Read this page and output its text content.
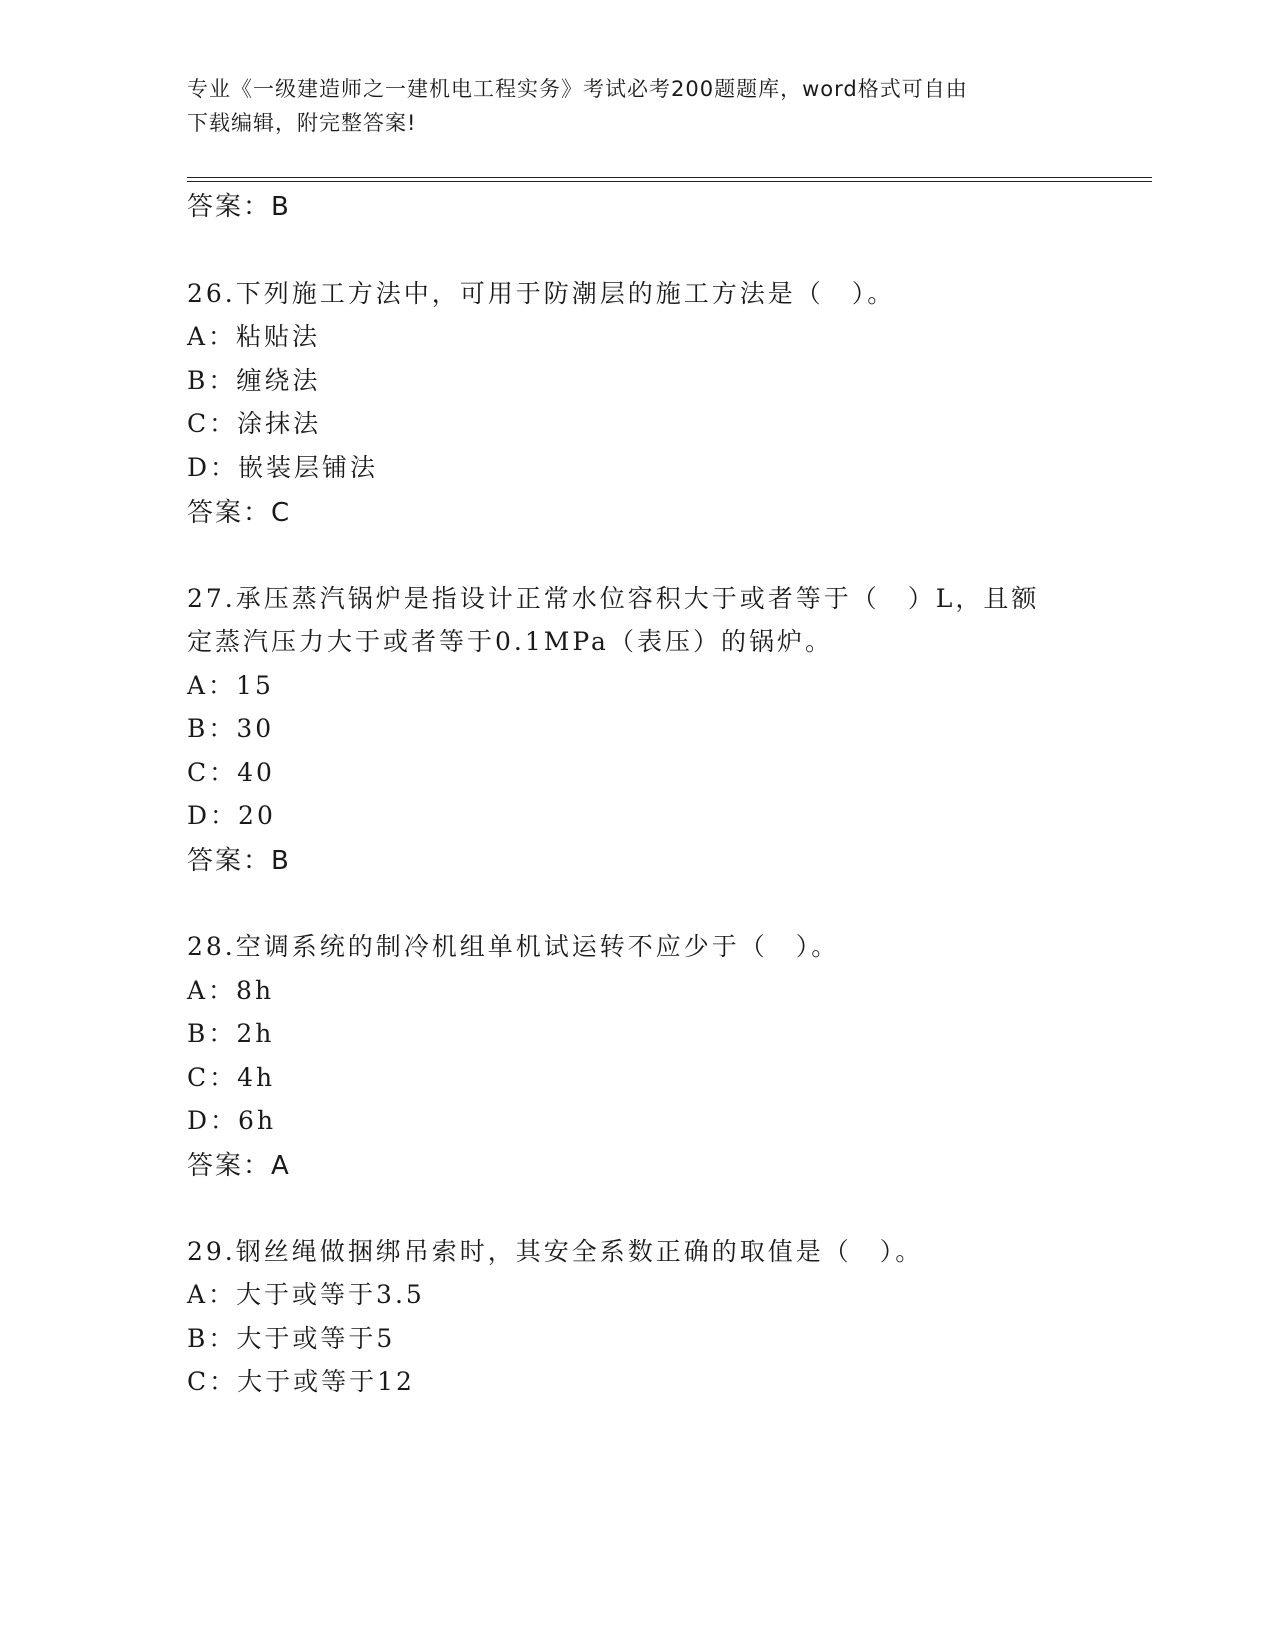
专业《一级建造师之一建机电工程实务》考试必考200题题库，word格式可自由
下载编辑，附完整答案!
答案：B
26.下列施工方法中，可用于防潮层的施工方法是（　）。
A：粘贴法
B：缠绕法
C：涂抹法
D：嵌装层铺法
答案：C
27.承压蒸汽锅炉是指设计正常水位容积大于或者等于（　）L，且额
定蒸汽压力大于或者等于0.1MPa（表压）的锅炉。
A：15
B：30
C：40
D：20
答案：B
28.空调系统的制冷机组单机试运转不应少于（　）。
A：8h
B：2h
C：4h
D：6h
答案：A
29.钢丝绳做捆绑吊索时，其安全系数正确的取值是（　）。
A：大于或等于3.5
B：大于或等于5
C：大于或等于12
